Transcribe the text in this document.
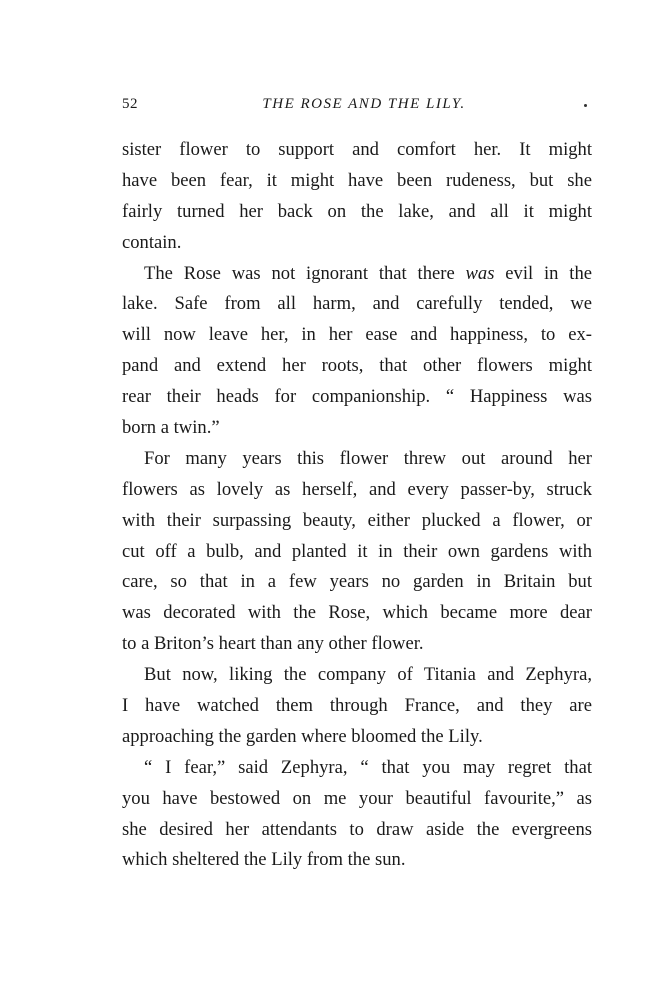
52	THE ROSE AND THE LILY.
sister flower to support and comfort her. It might
have been fear, it might have been rudeness, but she
fairly turned her back on the lake, and all it might
contain.
The Rose was not ignorant that there was evil in the
lake. Safe from all harm, and carefully tended, we
will now leave her, in her ease and happiness, to ex-
pand and extend her roots, that other flowers might
rear their heads for companionship. “ Happiness was
born a twin.”
For many years this flower threw out around her
flowers as lovely as herself, and every passer-by, struck
with their surpassing beauty, either plucked a flower, or
cut off a bulb, and planted it in their own gardens with
care, so that in a few years no garden in Britain but
was decorated with the Rose, which became more dear
to a Briton’s heart than any other flower.
But now, liking the company of Titania and Zephyra,
I have watched them through France, and they are
approaching the garden where bloomed the Lily.
“ I fear,” said Zephyra, “ that you may regret that
you have bestowed on me your beautiful favourite,” as
she desired her attendants to draw aside the evergreens
which sheltered the Lily from the sun.
